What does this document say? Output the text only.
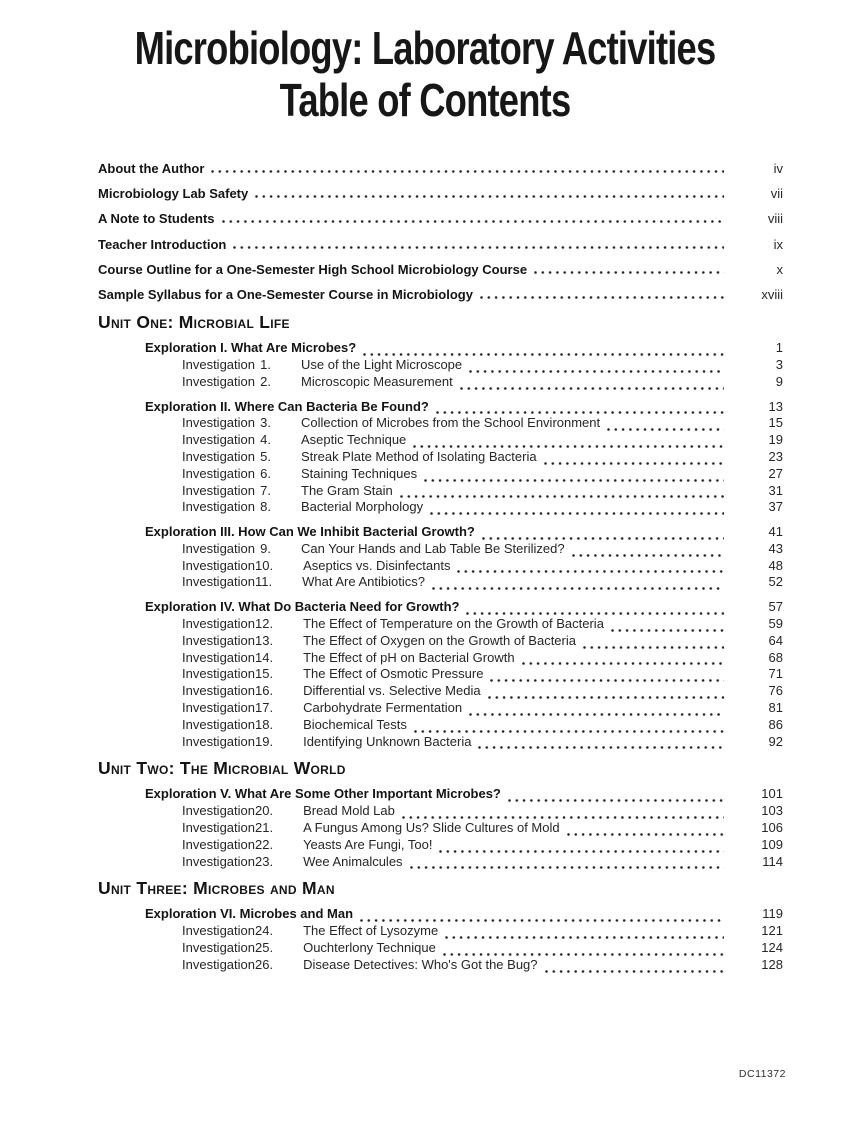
Microbiology: Laboratory Activities
Table of Contents
About the Author	iv
Microbiology Lab Safety	vii
A Note to Students	viii
Teacher Introduction	ix
Course Outline for a One-Semester High School Microbiology Course	x
Sample Syllabus for a One-Semester Course in Microbiology	xviii
Unit One: Microbial Life
Exploration I. What Are Microbes?	1
Investigation 1. Use of the Light Microscope	3
Investigation 2. Microscopic Measurement	9
Exploration II. Where Can Bacteria Be Found?	13
Investigation 3. Collection of Microbes from the School Environment	15
Investigation 4. Aseptic Technique	19
Investigation 5. Streak Plate Method of Isolating Bacteria	23
Investigation 6. Staining Techniques	27
Investigation 7. The Gram Stain	31
Investigation 8. Bacterial Morphology	37
Exploration III. How Can We Inhibit Bacterial Growth?	41
Investigation 9. Can Your Hands and Lab Table Be Sterilized?	43
Investigation 10. Aseptics vs. Disinfectants	48
Investigation 11. What Are Antibiotics?	52
Exploration IV. What Do Bacteria Need for Growth?	57
Investigation 12. The Effect of Temperature on the Growth of Bacteria	59
Investigation 13. The Effect of Oxygen on the Growth of Bacteria	64
Investigation 14. The Effect of pH on Bacterial Growth	68
Investigation 15. The Effect of Osmotic Pressure	71
Investigation 16. Differential vs. Selective Media	76
Investigation 17. Carbohydrate Fermentation	81
Investigation 18. Biochemical Tests	86
Investigation 19. Identifying Unknown Bacteria	92
Unit Two: The Microbial World
Exploration V. What Are Some Other Important Microbes?	101
Investigation 20. Bread Mold Lab	103
Investigation 21. A Fungus Among Us? Slide Cultures of Mold	106
Investigation 22. Yeasts Are Fungi, Too!	109
Investigation 23. Wee Animalcules	114
Unit Three: Microbes and Man
Exploration VI. Microbes and Man	119
Investigation 24. The Effect of Lysozyme	121
Investigation 25. Ouchterlony Technique	124
Investigation 26. Disease Detectives: Who's Got the Bug?	128
DC11372
